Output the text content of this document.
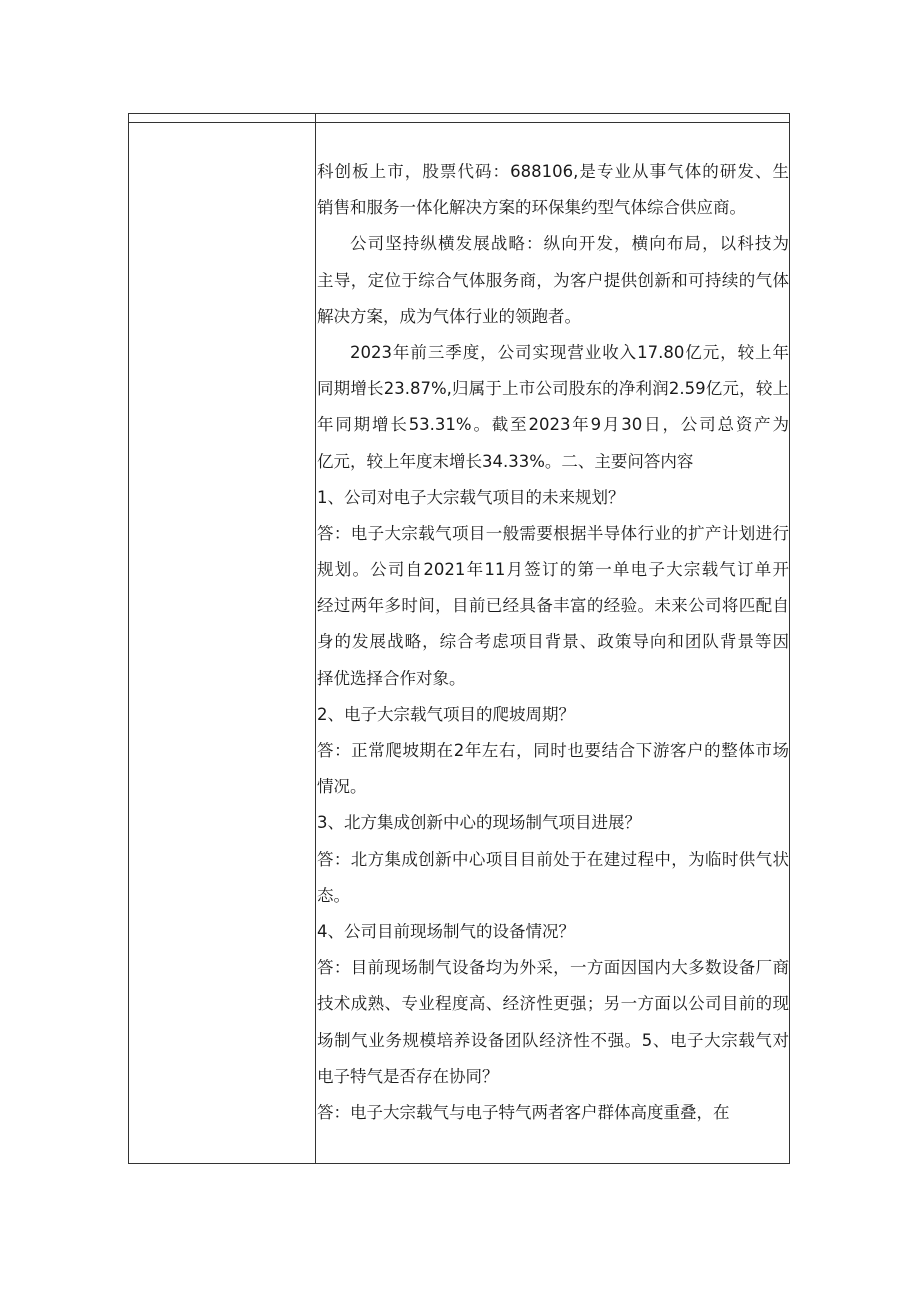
科创板上市，股票代码：688106,是专业从事气体的研发、生
销售和服务一体化解决方案的环保集约型气体综合供应商。
公司坚持纵横发展战略：纵向开发，横向布局，以科技为
主导，定位于综合气体服务商，为客户提供创新和可持续的气体
解决方案，成为气体行业的领跑者。
2023年前三季度，公司实现营业收入17.80亿元，较上年
同期增长23.87%,归属于上市公司股东的净利润2.59亿元，较上
年同期增长53.31%。截至2023年9月30日，公司总资产为
亿元，较上年度末增长34.33%。二、主要问答内容
1、公司对电子大宗载气项目的未来规划？
答：电子大宗载气项目一般需要根据半导体行业的扩产计划进行
规划。公司自2021年11月签订的第一单电子大宗载气订单开
经过两年多时间，目前已经具备丰富的经验。未来公司将匹配自
身的发展战略，综合考虑项目背景、政策导向和团队背景等因
择优选择合作对象。
2、电子大宗载气项目的爬坡周期？
答：正常爬坡期在2年左右，同时也要结合下游客户的整体市场
情况。
3、北方集成创新中心的现场制气项目进展？
答：北方集成创新中心项目目前处于在建过程中，为临时供气状
态。
4、公司目前现场制气的设备情况？
答：目前现场制气设备均为外采，一方面因国内大多数设备厂商
技术成熟、专业程度高、经济性更强；另一方面以公司目前的现
场制气业务规模培养设备团队经济性不强。5、电子大宗载气对
电子特气是否存在协同？
答：电子大宗载气与电子特气两者客户群体高度重叠，在
